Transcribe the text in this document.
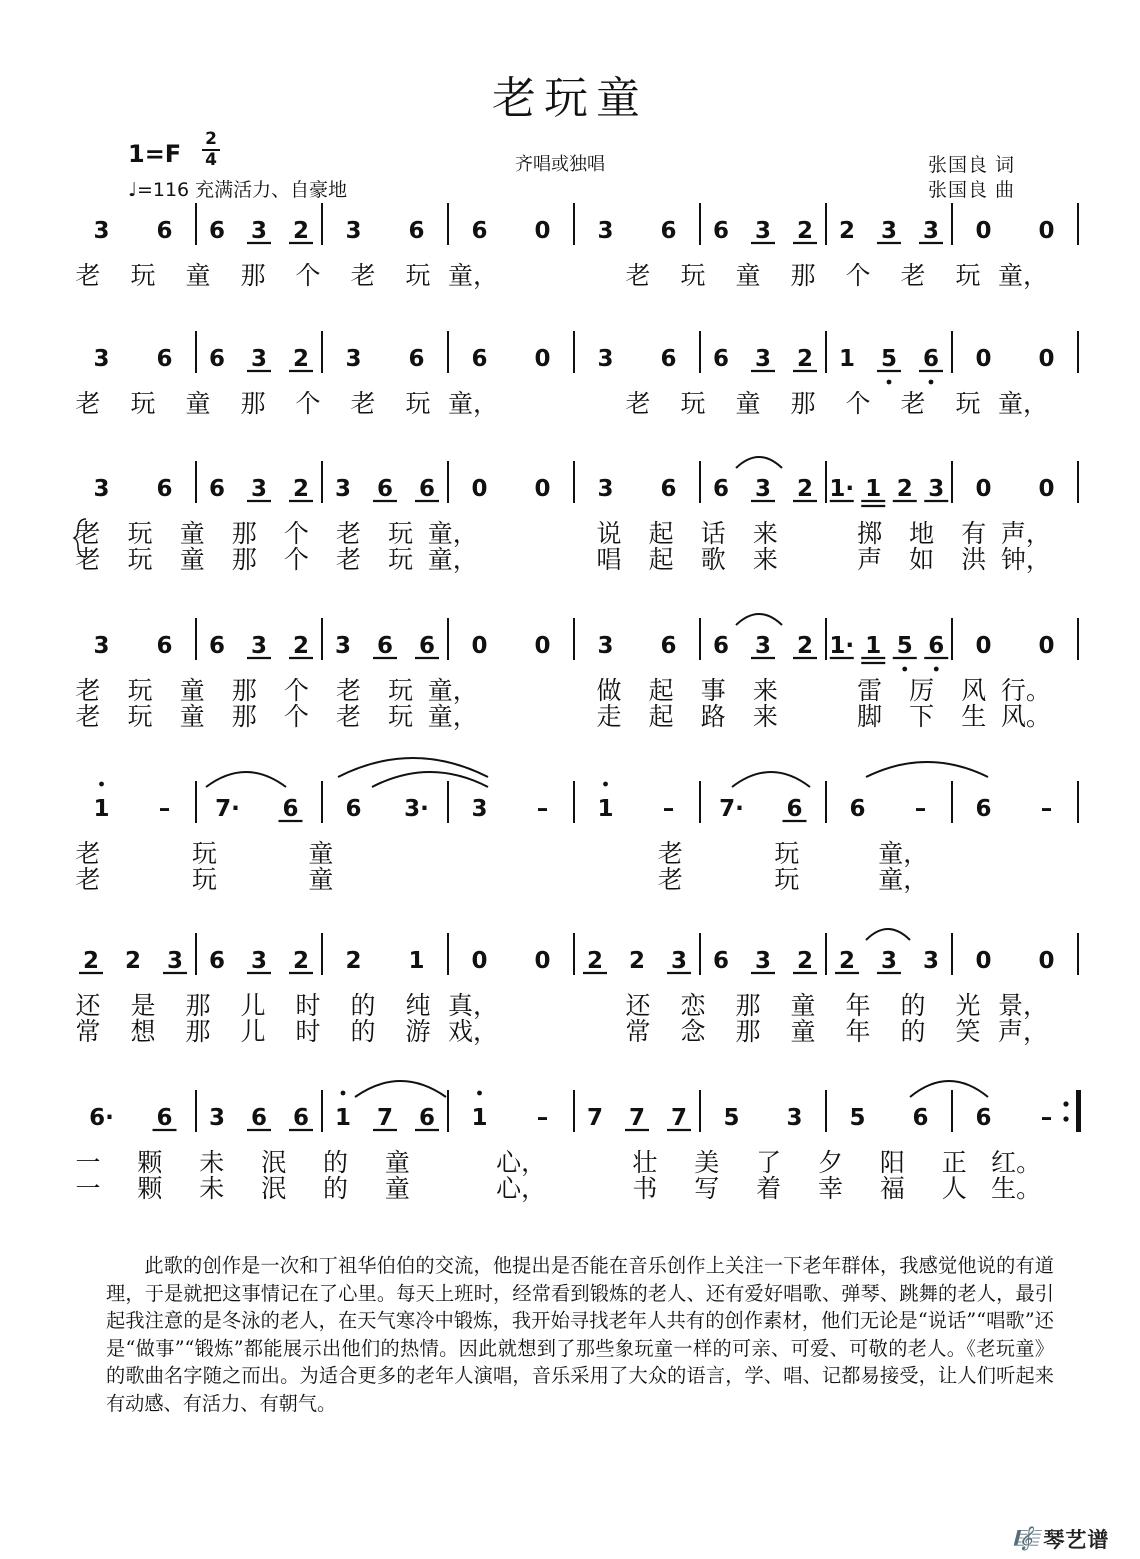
老玩童
$1=F \frac{2}{4}$
♩=116 充满活力、自豪地
齐唱或独唱	张国良 词
张国良 曲
3 6 6 3 2 3 6 6 0 3 6 6 3 2 2 3 3 0 0
老 玩 童 那 个 老 玩 童，	老 玩 童 那 个 老 玩 童，
3 6 6 3 2 3 6 6 0 3 6 6 3 2 1 5 6 0 0
老 玩 童 那 个 老 玩 童，	老 玩 童 那 个 老 玩 童，
3 6 6 3 2 3 6 6 0 0 3 6 6 3 2 1· 1 2 3 0 0
老 玩 童 那 个 老 玩 童，	说 起 话 来	掷 地 有 声，
老 玩 童 那 个 老 玩 童，	唱 起 歌 来	声 如 洪 钟，
3 6 6 3 2 3 6 6 0 0 3 6 6 3 2 1· 1 5 6 0 0
老 玩 童 那 个 老 玩 童，	做 起 事 来	雷 厉 风 行。
老 玩 童 那 个 老 玩 童，	走 起 路 来	脚 下 生 风。
1 – 7· 6 6 3· 3 – 1 – 7· 6 6 – 6 –
老	玩	童	老	玩	童，
老	玩	童	老	玩	童，
2 2 3 6 3 2 2 1 0 0 2 2 3 6 3 2 2 3 3 0 0
还 是 那 儿 时 的 纯 真，	还 恋 那 童 年 的 光 景，
常 想 那 儿 时 的 游 戏，	常 念 那 童 年 的 笑 声，
6· 6 3 6 6 1 7 6 1 – 7 7 7 5 3 5 6 6 –
一 颗 未 泯 的 童	心，	壮 美 了 夕 阳 正 红。
一 颗 未 泯 的 童	心，	书 写 着 幸 福 人 生。
此歌的创作是一次和丁祖华伯伯的交流，他提出是否能在音乐创作上关注一下老年群体，我感觉他说的有道理，于是就把这事情记在了心里。每天上班时，经常看到锻炼的老人、还有爱好唱歌、弹琴、跳舞的老人，最引起我注意的是冬泳的老人，在天气寒冷中锻炼，我开始寻找老年人共有的创作素材，他们无论是“说话”“唱歌”还是“做事”“锻炼”都能展示出他们的热情。因此就想到了那些象玩童一样的可亲、可爱、可敬的老人。《老玩童》的歌曲名字随之而出。为适合更多的老年人演唱，音乐采用了大众的语言，学、唱、记都易接受，让人们听起来有动感、有活力、有朝气。
🎼 琴艺谱
